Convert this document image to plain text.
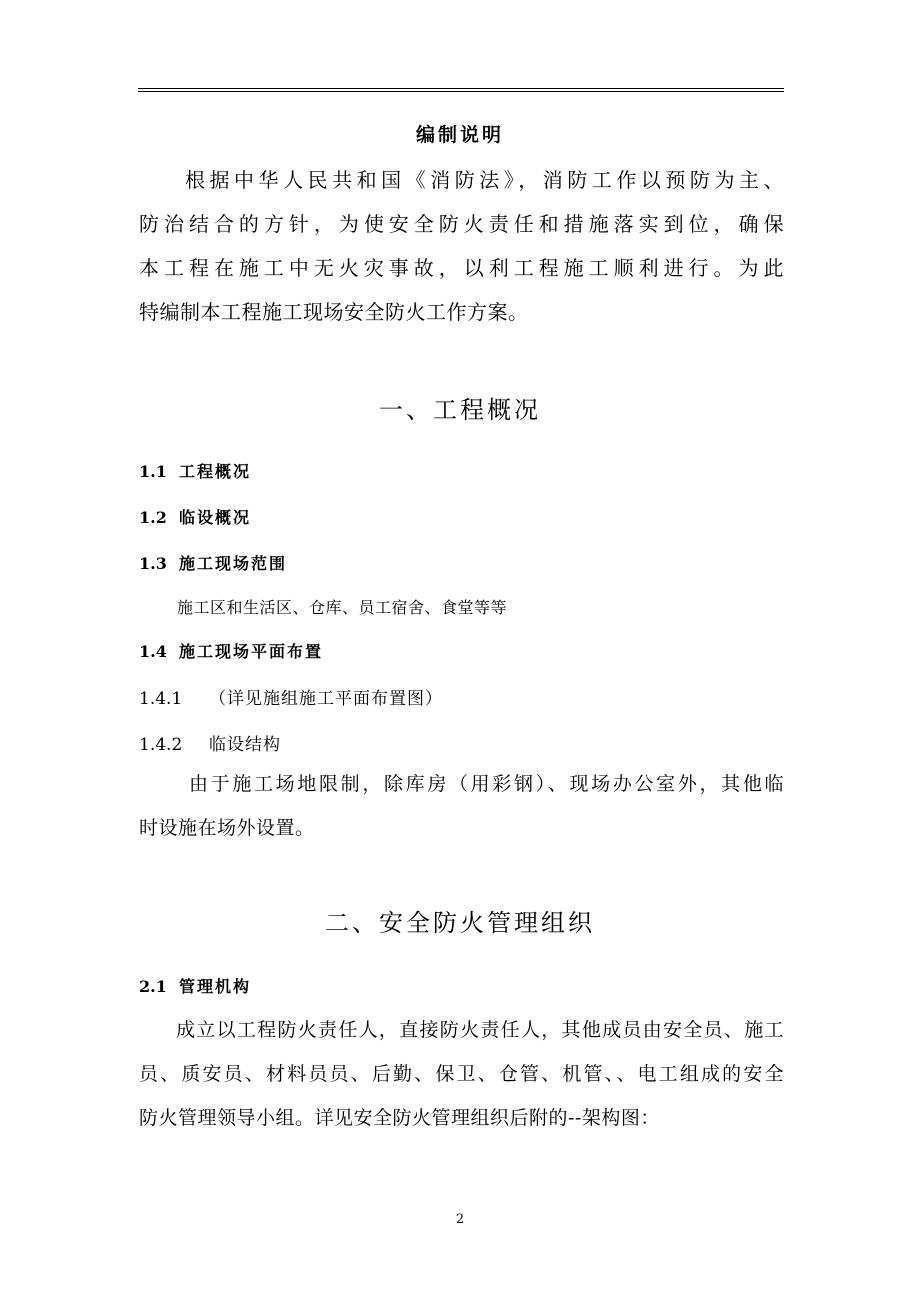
编制说明
根据中华人民共和国《消防法》，消防工作以预防为主、
防治结合的方针，为使安全防火责任和措施落实到位，确保
本工程在施工中无火灾事故，以利工程施工顺利进行。为此
特编制本工程施工现场安全防火工作方案。
一、工程概况
1.1 工程概况
1.2 临设概况
1.3 施工现场范围
施工区和生活区、仓库、员工宿舍、食堂等等
1.4 施工现场平面布置
1.4.1 （详见施组施工平面布置图）
1.4.2 临设结构
由于施工场地限制，除库房（用彩钢）、现场办公室外，其他临
时设施在场外设置。
二、安全防火管理组织
2.1 管理机构
成立以工程防火责任人，直接防火责任人，其他成员由安全员、施工
员、质安员、材料员员、后勤、保卫、仓管、机管、、电工组成的安全
防火管理领导小组。详见安全防火管理组织后附的--架构图：
2
